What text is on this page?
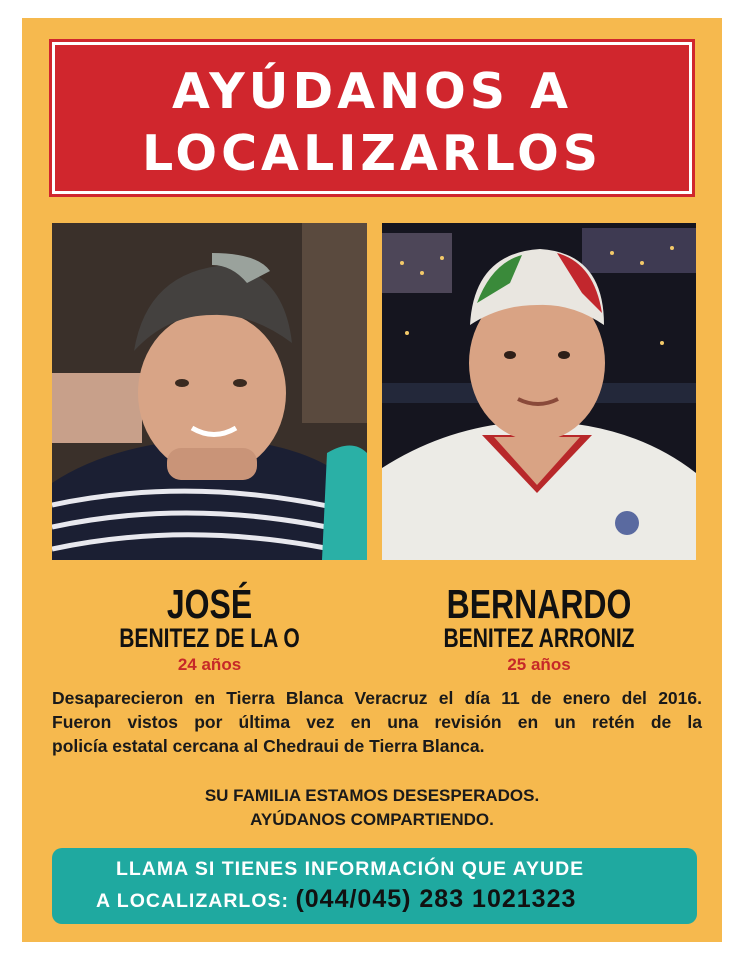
AYÚDANOS A
LOCALIZARLOS
JOSÉ
BENITEZ DE LA O
24 años
BERNARDO
BENITEZ ARRONIZ
25 años
Desaparecieron en Tierra Blanca Veracruz el día 11 de enero del 2016.
Fueron vistos por última vez en una revisión en un retén de la
policía estatal cercana al Chedraui de Tierra Blanca.
SU FAMILIA ESTAMOS DESESPERADOS.
AYÚDANOS COMPARTIENDO.
LLAMA SI TIENES INFORMACIÓN QUE AYUDE
A LOCALIZARLOS: (044/045) 283 1021323
